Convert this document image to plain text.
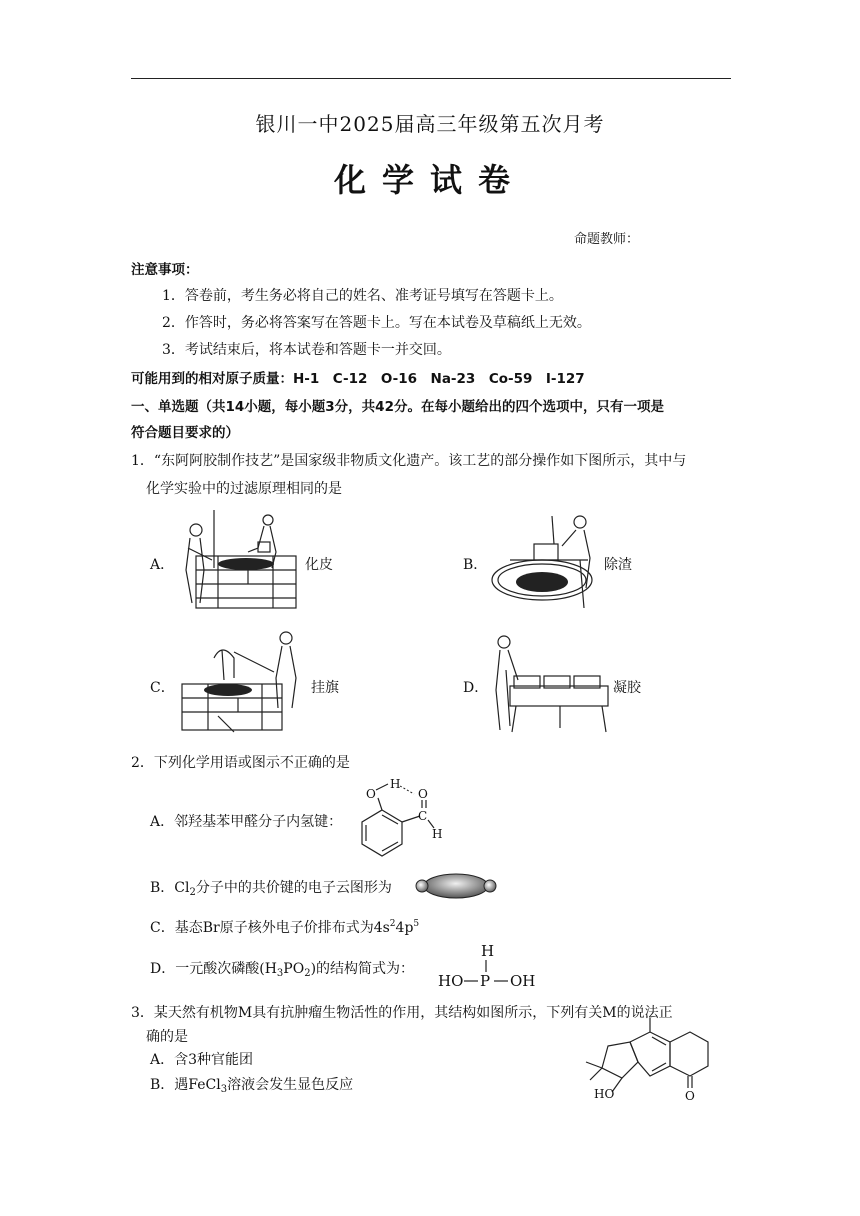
银川一中2025届高三年级第五次月考
化学试卷
命题教师：
注意事项：
1．答卷前，考生务必将自己的姓名、准考证号填写在答题卡上。
2．作答时，务必将答案写在答题卡上。写在本试卷及草稿纸上无效。
3．考试结束后，将本试卷和答题卡一并交回。
可能用到的相对原子质量：H-1　C-12　O-16　Na-23　Co-59　I-127
一、单选题（共14小题，每小题3分，共42分。在每小题给出的四个选项中，只有一项是
符合题目要求的）
1．“东阿阿胶制作技艺”是国家级非物质文化遗产。该工艺的部分操作如下图所示，其中与
化学实验中的过滤原理相同的是
A．	化皮	B．	除渣
C．	挂旗	D．	凝胶
2．下列化学用语或图示不正确的是
A．邻羟基苯甲醛分子内氢键：
O
H
C
O
H
B．$Cl_2$分子中的共价键的电子云图形为
C．基态Br原子核外电子价排布式为$4s^24p^5$
D．一元酸次磷酸$(H_3PO_2)$的结构简式为：
H
HO P OH
3．某天然有机物M具有抗肿瘤生物活性的作用，其结构如图所示，下列有关M的说法正
确的是
A．含3种官能团
B．遇FeCl$_3$溶液会发生显色反应
HO	O
